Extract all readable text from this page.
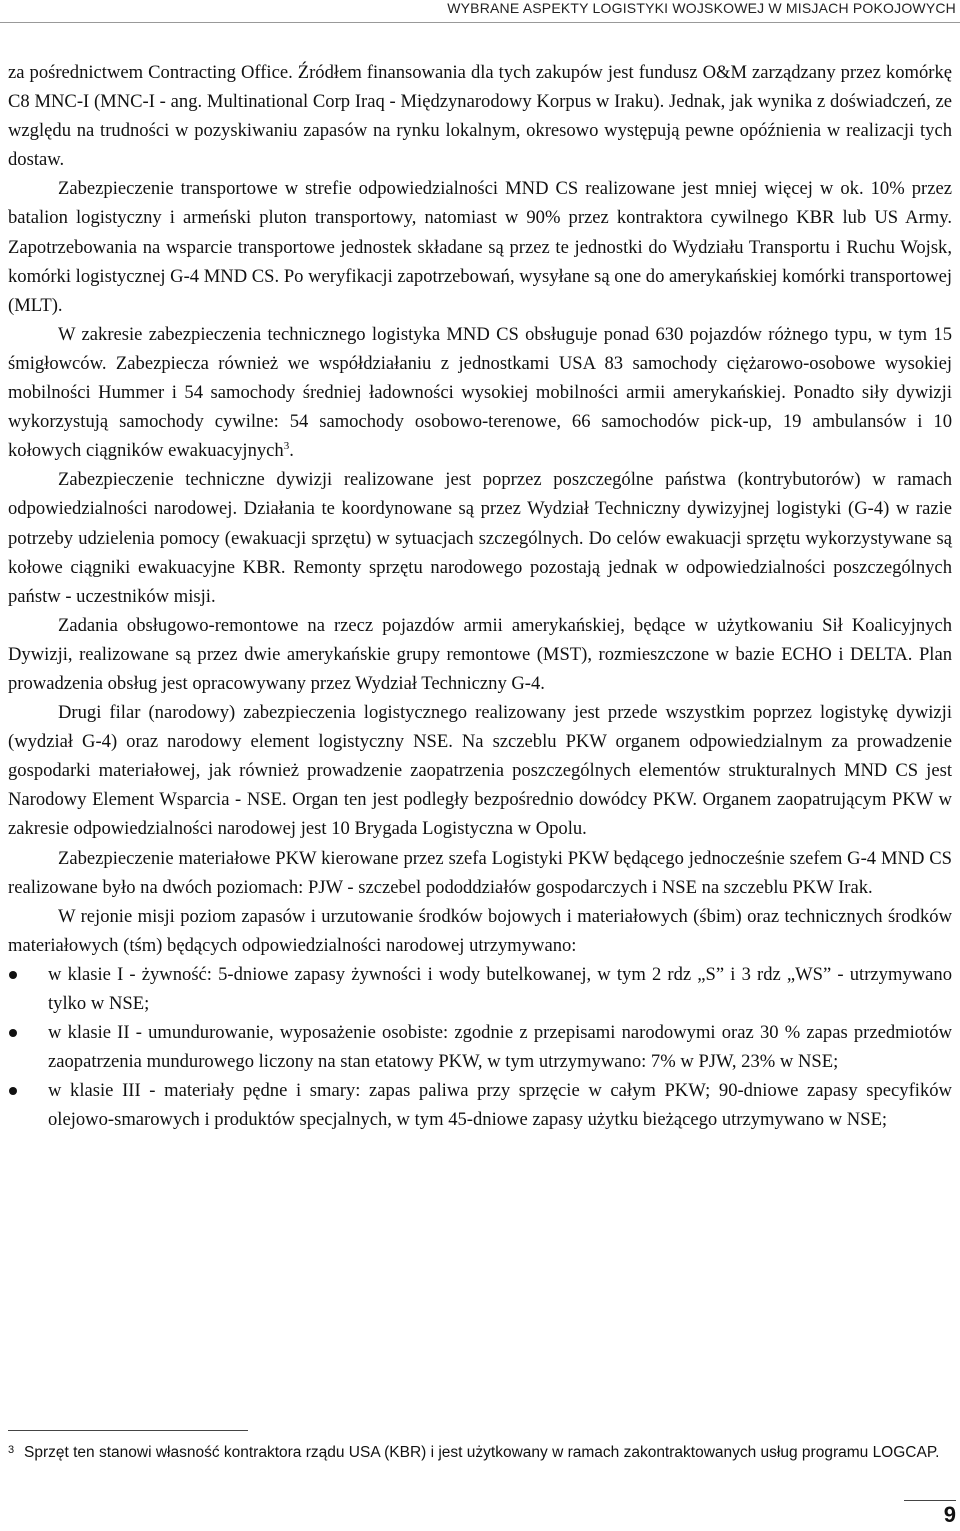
WYBRANE ASPEKTY LOGISTYKI WOJSKOWEJ W MISJACH POKOJOWYCH

za pośrednictwem Contracting Office. Źródłem finansowania dla tych zakupów jest fundusz O&M zarządzany przez komórkę C8 MNC-I (MNC-I - ang. Multinational Corp Iraq - Międzynarodowy Korpus w Iraku). Jednak, jak wynika z doświadczeń, ze względu na trudności w pozyskiwaniu zapasów na rynku lokalnym, okresowo występują pewne opóźnienia w realizacji tych dostaw.

Zabezpieczenie transportowe w strefie odpowiedzialności MND CS realizowane jest mniej więcej w ok. 10% przez batalion logistyczny i armeński pluton transportowy, natomiast w 90% przez kontraktora cywilnego KBR lub US Army. Zapotrzebowania na wsparcie transportowe jednostek składane są przez te jednostki do Wydziału Transportu i Ruchu Wojsk, komórki logistycznej G-4 MND CS. Po weryfikacji zapotrzebowań, wysyłane są one do amerykańskiej komórki transportowej (MLT).

W zakresie zabezpieczenia technicznego logistyka MND CS obsługuje ponad 630 pojazdów różnego typu, w tym 15 śmigłowców. Zabezpiecza również we współdziałaniu z jednostkami USA 83 samochody ciężarowo-osobowe wysokiej mobilności Hummer i 54 samochody średniej ładowności wysokiej mobilności armii amerykańskiej. Ponadto siły dywizji wykorzystują samochody cywilne: 54 samochody osobowo-terenowe, 66 samochodów pick-up, 19 ambulansów i 10 kołowych ciągników ewakuacyjnych$^3$.

Zabezpieczenie techniczne dywizji realizowane jest poprzez poszczególne państwa (kontrybutorów) w ramach odpowiedzialności narodowej. Działania te koordynowane są przez Wydział Techniczny dywizyjnej logistyki (G-4) w razie potrzeby udzielenia pomocy (ewakuacji sprzętu) w sytuacjach szczególnych. Do celów ewakuacji sprzętu wykorzystywane są kołowe ciągniki ewakuacyjne KBR. Remonty sprzętu narodowego pozostają jednak w odpowiedzialności poszczególnych państw - uczestników misji.

Zadania obsługowo-remontowe na rzecz pojazdów armii amerykańskiej, będące w użytkowaniu Sił Koalicyjnych Dywizji, realizowane są przez dwie amerykańskie grupy remontowe (MST), rozmieszczone w bazie ECHO i DELTA. Plan prowadzenia obsług jest opracowywany przez Wydział Techniczny G-4.

Drugi filar (narodowy) zabezpieczenia logistycznego realizowany jest przede wszystkim poprzez logistykę dywizji (wydział G-4) oraz narodowy element logistyczny NSE. Na szczeblu PKW organem odpowiedzialnym za prowadzenie gospodarki materiałowej, jak również prowadzenie zaopatrzenia poszczególnych elementów strukturalnych MND CS jest Narodowy Element Wsparcia - NSE. Organ ten jest podległy bezpośrednio dowódcy PKW. Organem zaopatrującym PKW w zakresie odpowiedzialności narodowej jest 10 Brygada Logistyczna w Opolu.

Zabezpieczenie materiałowe PKW kierowane przez szefa Logistyki PKW będącego jednocześnie szefem G-4 MND CS realizowane było na dwóch poziomach: PJW - szczebel pododdziałów gospodarczych i NSE na szczeblu PKW Irak.

W rejonie misji poziom zapasów i urzutowanie środków bojowych i materiałowych (śbim) oraz technicznych środków materiałowych (tśm) będących odpowiedzialności narodowej utrzymywano:

w klasie I - żywność: 5-dniowe zapasy żywności i wody butelkowanej, w tym 2 rdz „S” i 3 rdz „WS” - utrzymywano tylko w NSE;
w klasie II - umundurowanie, wyposażenie osobiste: zgodnie z przepisami narodowymi oraz 30 % zapas przedmiotów zaopatrzenia mundurowego liczony na stan etatowy PKW, w tym utrzymywano: 7% w PJW, 23% w NSE;
w klasie III - materiały pędne i smary: zapas paliwa przy sprzęcie w całym PKW; 90-dniowe zapasy specyfików olejowo-smarowych i produktów specjalnych, w tym 45-dniowe zapasy użytku bieżącego utrzymywano w NSE;
3 Sprzęt ten stanowi własność kontraktora rządu USA (KBR) i jest użytkowany w ramach zakontraktowanych usług programu LOGCAP.
9
